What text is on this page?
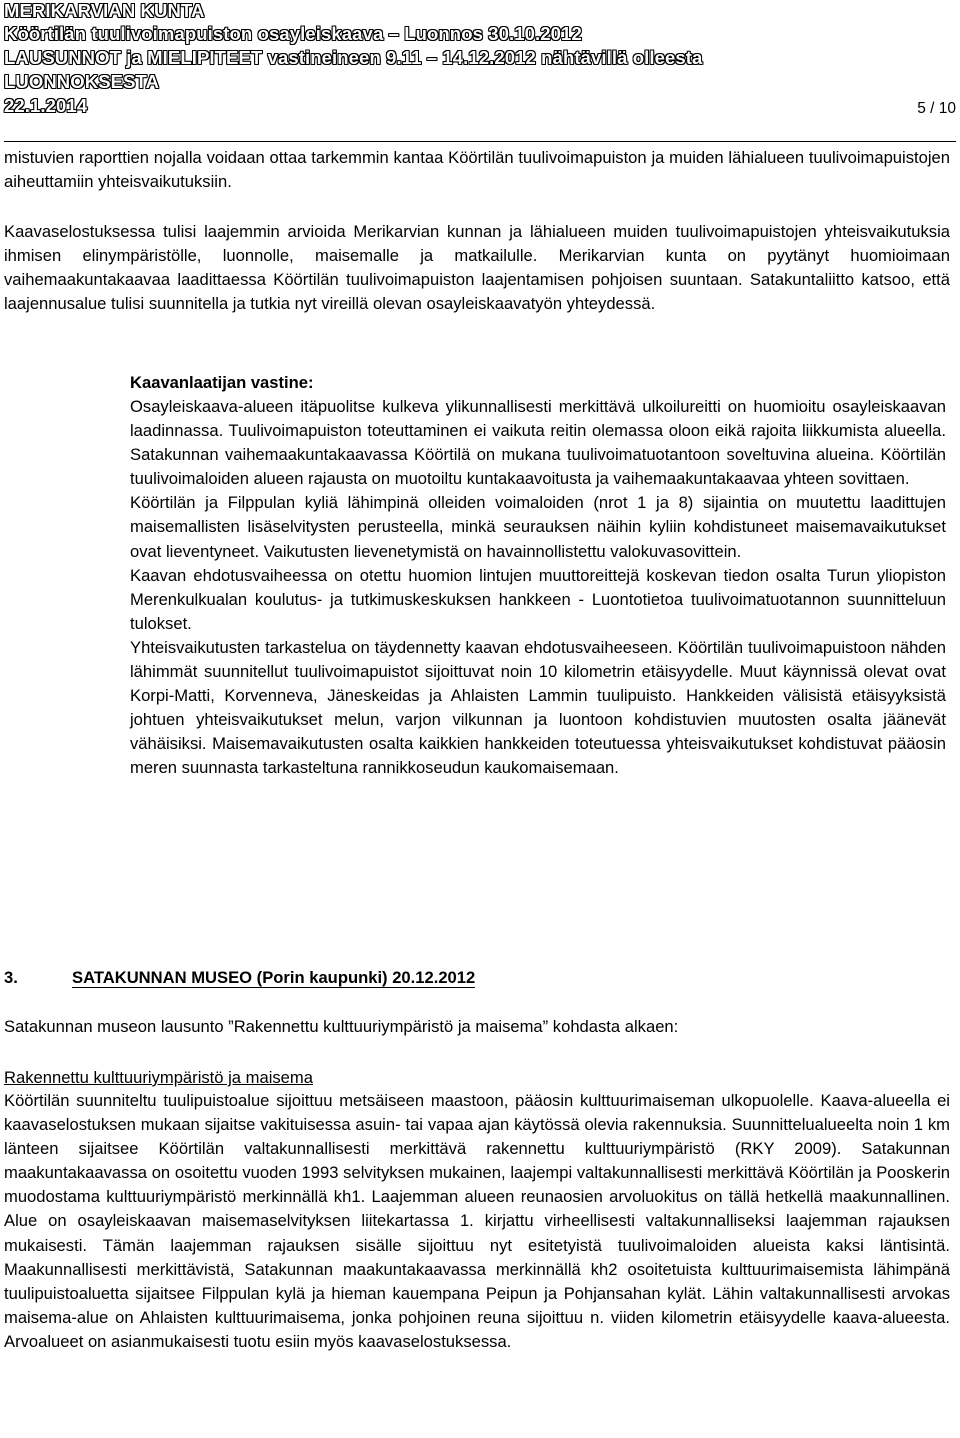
MERIKARVIAN KUNTA
Köörtilän tuulivoimapuiston osayleiskaava – Luonnos 30.10.2012
LAUSUNNOT ja MIELIPITEET vastineineen 9.11 – 14.12.2012 nähtävillä olleesta
LUONNOKSESTA
22.1.2014	5 / 10

mistuvien raporttien nojalla voidaan ottaa tarkemmin kantaa Köörtilän tuulivoimapuiston ja muiden lähialueen tuulivoimapuistojen aiheuttamiin yhteisvaikutuksiin.

Kaavaselostuksessa tulisi laajemmin arvioida Merikarvian kunnan ja lähialueen muiden tuulivoimapuistojen yhteisvaikutuksia ihmisen elinympäristölle, luonnolle, maisemalle ja matkailulle. Merikarvian kunta on pyytänyt huomioimaan vaihemaakuntakaavaa laadittaessa Köörtilän tuulivoimapuiston laajentamisen pohjoisen suuntaan. Satakuntaliitto katsoo, että laajennusalue tulisi suunnitella ja tutkia nyt vireillä olevan osayleiskaavatyön yhteydessä.

Kaavanlaatijan vastine:

Osayleiskaava-alueen itäpuolitse kulkeva ylikunnallisesti merkittävä ulkoilureitti on huomioitu osayleiskaavan laadinnassa. Tuulivoimapuiston toteuttaminen ei vaikuta reitin olemassa oloon eikä rajoita liikkumista alueella. Satakunnan vaihemaakuntakaavassa Köörtilä on mukana tuulivoimatuotantoon soveltuvina alueina. Köörtilän tuulivoimaloiden alueen rajausta on muotoiltu kuntakaavoitusta ja vaihemaakuntakaavaa yhteen sovittaen.

Köörtilän ja Filppulan kyliä lähimpinä olleiden voimaloiden (nrot 1 ja 8) sijaintia on muutettu laadittujen maisemallisten lisäselvitysten perusteella, minkä seurauksen näihin kyliin kohdistuneet maisemavaikutukset ovat lieventyneet. Vaikutusten lievenetymistä on havainnollistettu valokuvasovittein.

Kaavan ehdotusvaiheessa on otettu huomion lintujen muuttoreittejä koskevan tiedon osalta Turun yliopiston Merenkulkualan koulutus- ja tutkimuskeskuksen hankkeen - Luontotietoa tuulivoimatuotannon suunnitteluun tulokset.

Yhteisvaikutusten tarkastelua on täydennetty kaavan ehdotusvaiheeseen. Köörtilän tuulivoimapuistoon nähden lähimmät suunnitellut tuulivoimapuistot sijoittuvat noin 10 kilometrin etäisyydelle. Muut käynnissä olevat ovat Korpi-Matti, Korvenneva, Jäneskeidas ja Ahlaisten Lammin tuulipuisto. Hankkeiden välisistä etäisyyksistä johtuen yhteisvaikutukset melun, varjon vilkunnan ja luontoon kohdistuvien muutosten osalta jäänevät vähäisiksi. Maisemavaikutusten osalta kaikkien hankkeiden toteutuessa yhteisvaikutukset kohdistuvat pääosin meren suunnasta tarkasteltuna rannikkoseudun kaukomaisemaan.

3.	SATAKUNNAN MUSEO (Porin kaupunki) 20.12.2012

Satakunnan museon lausunto ”Rakennettu kulttuuriympäristö ja maisema” kohdasta alkaen:

Rakennettu kulttuuriympäristö ja maisema

Köörtilän suunniteltu tuulipuistoalue sijoittuu metsäiseen maastoon, pääosin kulttuurimaiseman ulkopuolelle. Kaava-alueella ei kaavaselostuksen mukaan sijaitse vakituisessa asuin- tai vapaa ajan käytössä olevia rakennuksia. Suunnittelualueelta noin 1 km länteen sijaitsee Köörtilän valtakunnallisesti merkittävä rakennettu kulttuuriympäristö (RKY 2009). Satakunnan maakuntakaavassa on osoitettu vuoden 1993 selvityksen mukainen, laajempi valtakunnallisesti merkittävä Köörtilän ja Pooskerin muodostama kulttuuriympäristö merkinnällä kh1. Laajemman alueen reunaosien arvoluokitus on tällä hetkellä maakunnallinen. Alue on osayleiskaavan maisemaselvityksen liitekartassa 1. kirjattu virheellisesti valtakunnalliseksi laajemman rajauksen mukaisesti. Tämän laajemman rajauksen sisälle sijoittuu nyt esitetyistä tuulivoimaloiden alueista kaksi läntisintä. Maakunnallisesti merkittävistä, Satakunnan maakuntakaavassa merkinnällä kh2 osoitetuista kulttuurimaisemista lähimpänä tuulipuistoaluetta sijaitsee Filppulan kylä ja hieman kauempana Peipun ja Pohjansahan kylät. Lähin valtakunnallisesti arvokas maisema-alue on Ahlaisten kulttuurimaisema, jonka pohjoinen reuna sijoittuu n. viiden kilometrin etäisyydelle kaava-alueesta. Arvoalueet on asianmukaisesti tuotu esiin myös kaavaselostuksessa.
